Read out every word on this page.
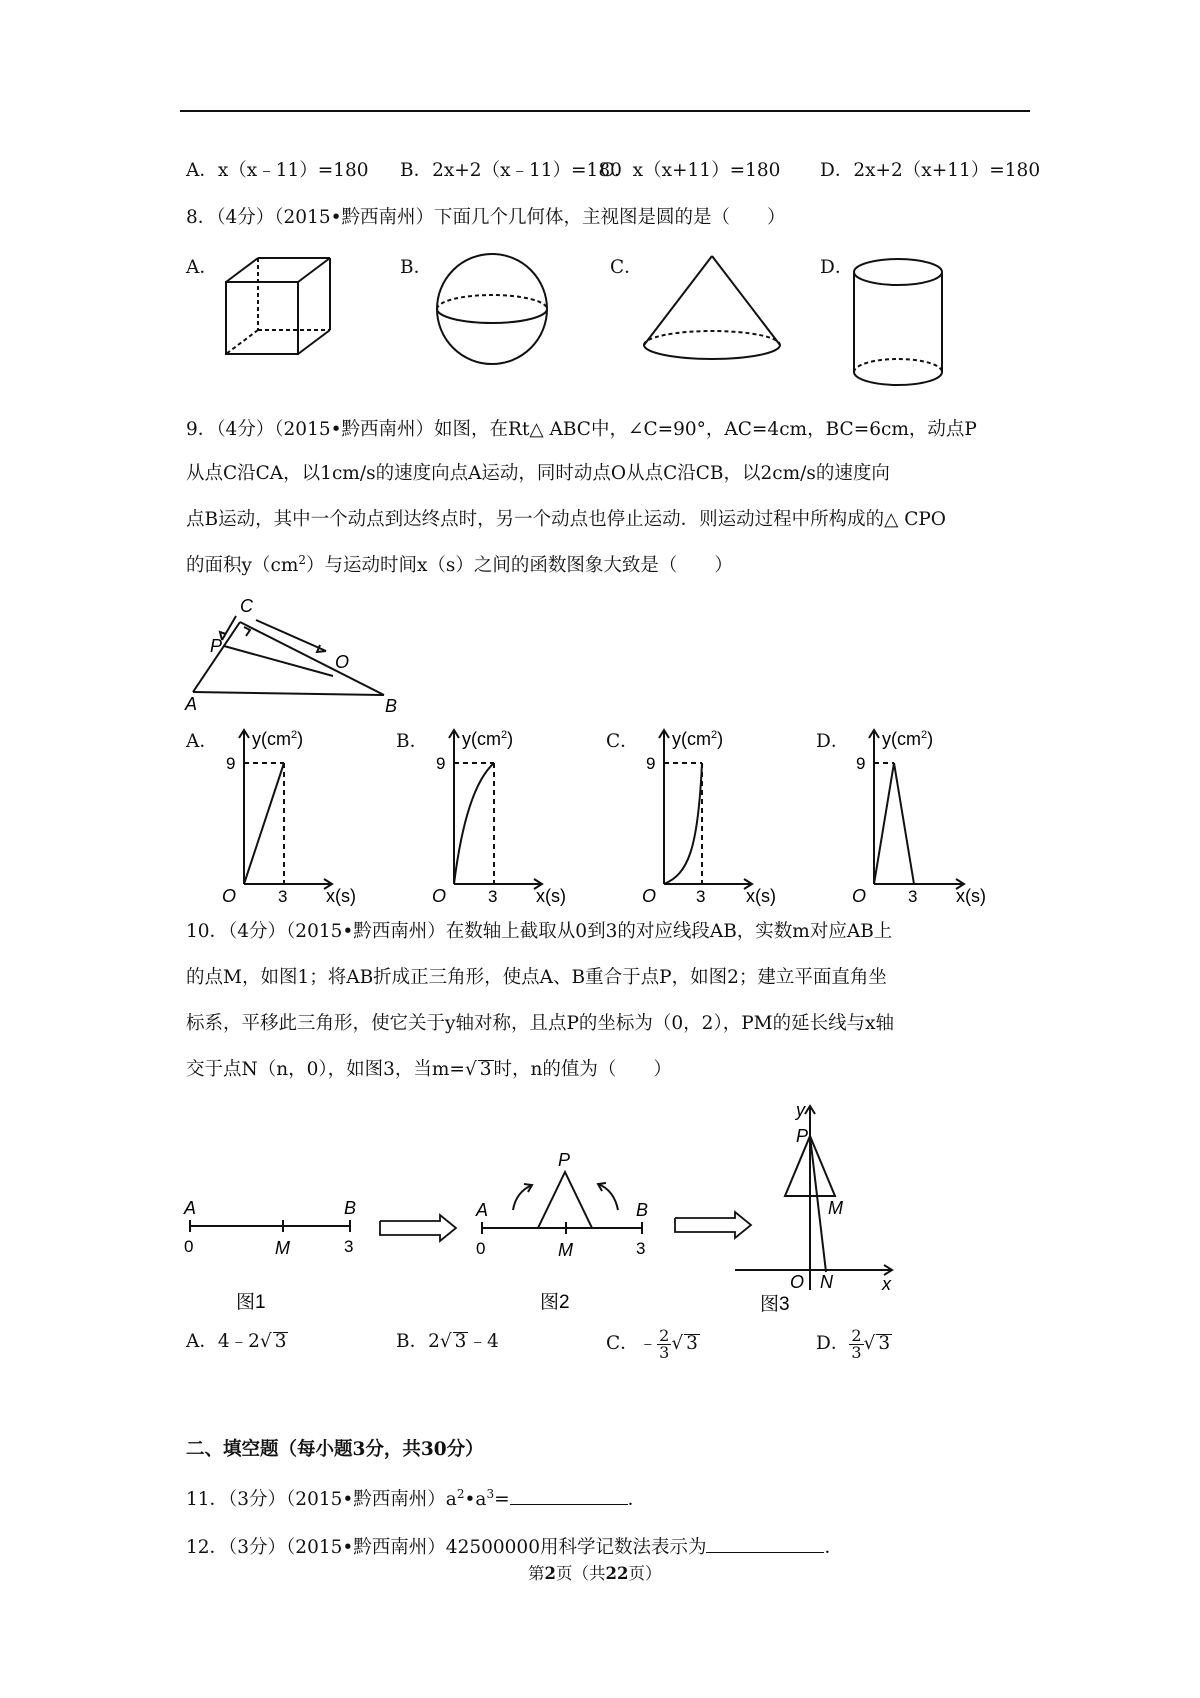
A．x（x﹣11）=180 B．2x+2（x﹣11）=180
C．x（x+11）=180 D．2x+2（x+11）=180
8．（4分）（2015•黔西南州）下面几个几何体，主视图是圆的是（　　）
A．	B．	C．	D．
C
P
O
A	B
$y(cm^2)$
9
O 3 x(s)
$y(cm^2)$
9
O 3 x(s)
$y(cm^2)$
9
O 3 x(s)
$y(cm^2)$
9
O 3 x(s)
A	B
0	M	3
图1
A	B
P
0	M	3
图2
y
P
M
O N	x
图3
9．（4分）（2015•黔西南州）如图，在Rt△ ABC中，∠C=90°，AC=4cm，BC=6cm，动点P
从点C沿CA，以1cm/s的速度向点A运动，同时动点O从点C沿CB，以2cm/s的速度向
点B运动，其中一个动点到达终点时，另一个动点也停止运动．则运动过程中所构成的△ CPO
的面积$y(cm^2)$与运动时间x（s）之间的函数图象大致是（　　）
A．	B．	C．	D．
10．（4分）（2015•黔西南州）在数轴上截取从0到3的对应线段AB，实数m对应AB上
的点M，如图1；将AB折成正三角形，使点A、B重合于点P，如图2；建立平面直角坐
标系，平移此三角形，使它关于y轴对称，且点P的坐标为（0，2），PM的延长线与x轴
交于点N（n，0），如图3，当m=√ 3 时，n的值为（　　）
A．4﹣2√ 3	B．2√ 3 ﹣4	C．﹣ $\frac{2}{3}$ √ 3	D． $\frac{2}{3}$ √ 3
二、填空题（每小题3分，共30分）
11．（3分）（2015•黔西南州）$a^2•a^3=$	．
12．（3分）（2015•黔西南州）42500000用科学记数法表示为	．
第2页（共22页）
